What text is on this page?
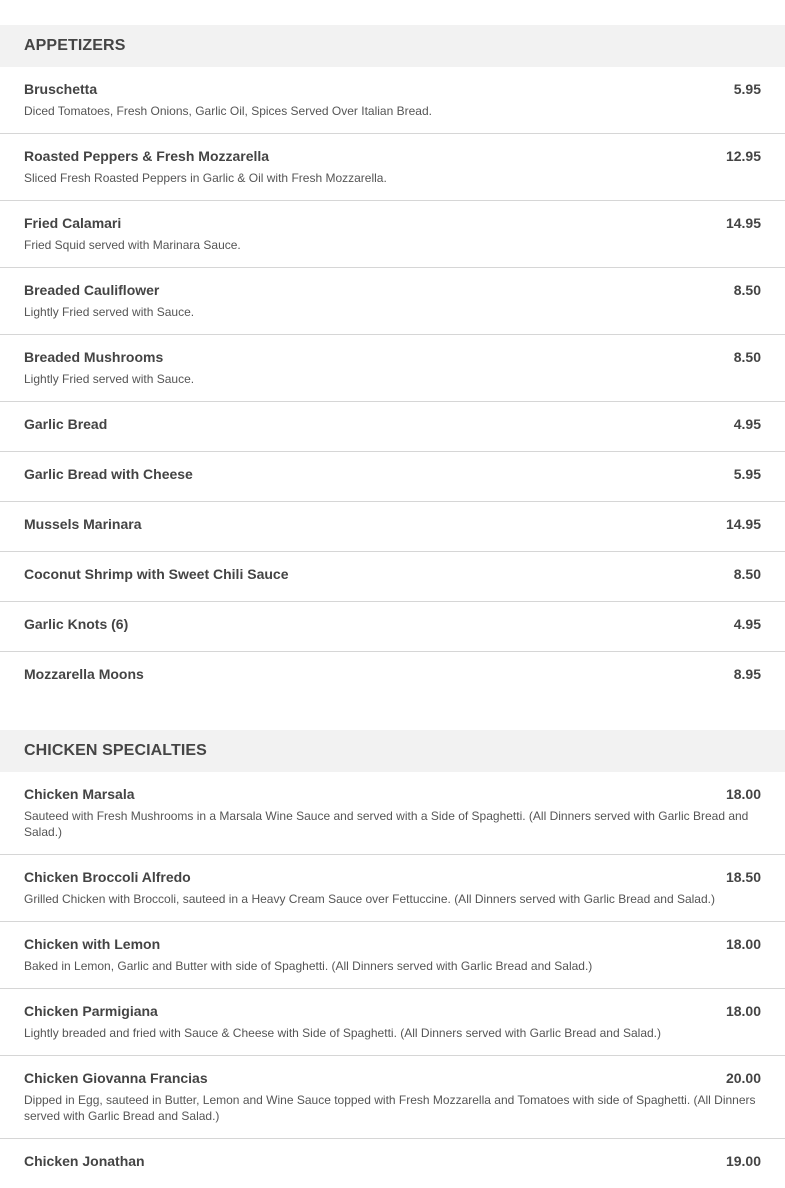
APPETIZERS
Bruschetta	5.95
Diced Tomatoes, Fresh Onions, Garlic Oil, Spices Served Over Italian Bread.
Roasted Peppers & Fresh Mozzarella	12.95
Sliced Fresh Roasted Peppers in Garlic & Oil with Fresh Mozzarella.
Fried Calamari	14.95
Fried Squid served with Marinara Sauce.
Breaded Cauliflower	8.50
Lightly Fried served with Sauce.
Breaded Mushrooms	8.50
Lightly Fried served with Sauce.
Garlic Bread	4.95
Garlic Bread with Cheese	5.95
Mussels Marinara	14.95
Coconut Shrimp with Sweet Chili Sauce	8.50
Garlic Knots (6)	4.95
Mozzarella Moons	8.95
CHICKEN SPECIALTIES
Chicken Marsala	18.00
Sauteed with Fresh Mushrooms in a Marsala Wine Sauce and served with a Side of Spaghetti. (All Dinners served with Garlic Bread and Salad.)
Chicken Broccoli Alfredo	18.50
Grilled Chicken with Broccoli, sauteed in a Heavy Cream Sauce over Fettuccine. (All Dinners served with Garlic Bread and Salad.)
Chicken with Lemon	18.00
Baked in Lemon, Garlic and Butter with side of Spaghetti. (All Dinners served with Garlic Bread and Salad.)
Chicken Parmigiana	18.00
Lightly breaded and fried with Sauce & Cheese with Side of Spaghetti. (All Dinners served with Garlic Bread and Salad.)
Chicken Giovanna Francias	20.00
Dipped in Egg, sauteed in Butter, Lemon and Wine Sauce topped with Fresh Mozzarella and Tomatoes with side of Spaghetti. (All Dinners served with Garlic Bread and Salad.)
Chicken Jonathan	19.00
